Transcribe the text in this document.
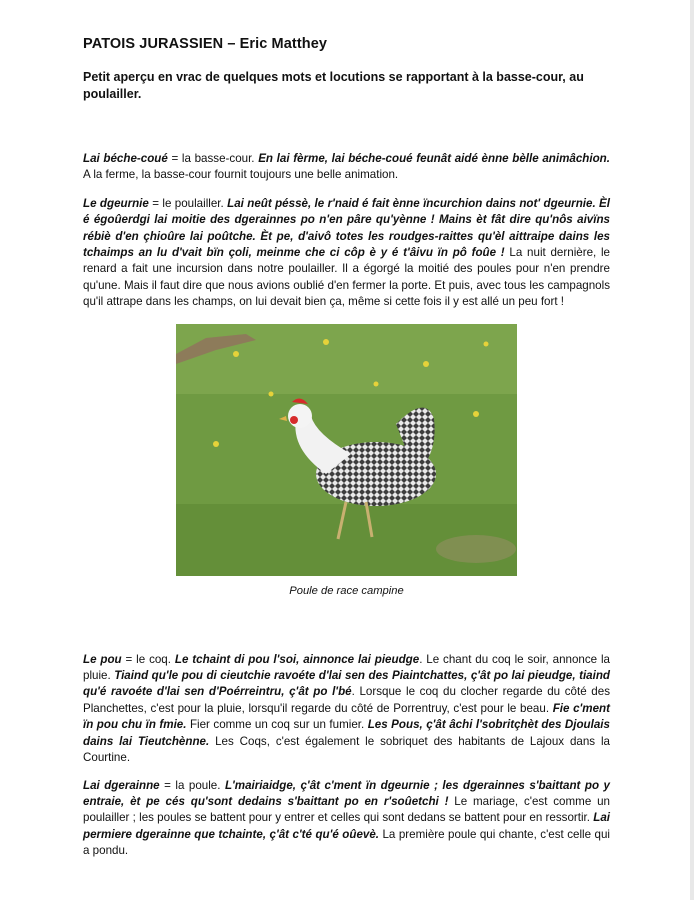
PATOIS JURASSIEN – Eric Matthey
Petit aperçu en vrac de quelques mots et locutions se rapportant à la basse-cour, au poulailler.

Lai béche-coué = la basse-cour. En lai fèrme, lai béche-coué feunât aidé ènne bèlle animâchion. A la ferme, la basse-cour fournit toujours une belle animation.

Le dgeurnie = le poulailler. Lai neût péssè, le r'naid é fait ènne ïncurchion dains not' dgeurnie. Èl é égoûerdgi lai moitie des dgerainnes po n'en pâre qu'yènne ! Mains èt fât dire qu'nôs aivïns rébiè d'en çhioûre lai poûtche. Èt pe, d'aivô totes les roudges-raittes qu'èl aittraipe dains les tchaimps an lu d'vait bïn çoli, meinme che ci côp è y é t'âivu ïn pô foûe ! La nuit dernière, le renard a fait une incursion dans notre poulailler. Il a égorgé la moitié des poules pour n'en prendre qu'une. Mais il faut dire que nous avions oublié d'en fermer la porte. Et puis, avec tous les campagnols qu'il attrape dans les champs, on lui devait bien ça, même si cette fois il y est allé un peu fort !

Poule de race campine

Le pou = le coq. Le tchaint di pou l'soi, ainnonce lai pieudge. Le chant du coq le soir, annonce la pluie. Tiaind qu'le pou di cieutchie ravoéte d'lai sen des Piaintchattes, ç'ât po lai pieudge, tiaind qu'é ravoéte d'lai sen d'Poérreintru, ç'ât po l'bé. Lorsque le coq du clocher regarde du côté des Planchettes, c'est pour la pluie, lorsqu'il regarde du côté de Porrentruy, c'est pour le beau. Fie c'ment ïn pou chu ïn fmie. Fier comme un coq sur un fumier. Les Pous, ç'ât âchi l'sobritçhèt des Djoulais dains lai Tieutchènne. Les Coqs, c'est également le sobriquet des habitants de Lajoux dans la Courtine.

Lai dgerainne = la poule. L'mairiaidge, ç'ât c'ment ïn dgeurnie ; les dgerainnes s'baittant po y entraie, èt pe cés qu'sont dedains s'baittant po en r'soûetchi ! Le mariage, c'est comme un poulailler ; les poules se battent pour y entrer et celles qui sont dedans se battent pour en ressortir. Lai permiere dgerainne que tchainte, ç'ât c'té qu'é oûevè. La première poule qui chante, c'est celle qui a pondu.
